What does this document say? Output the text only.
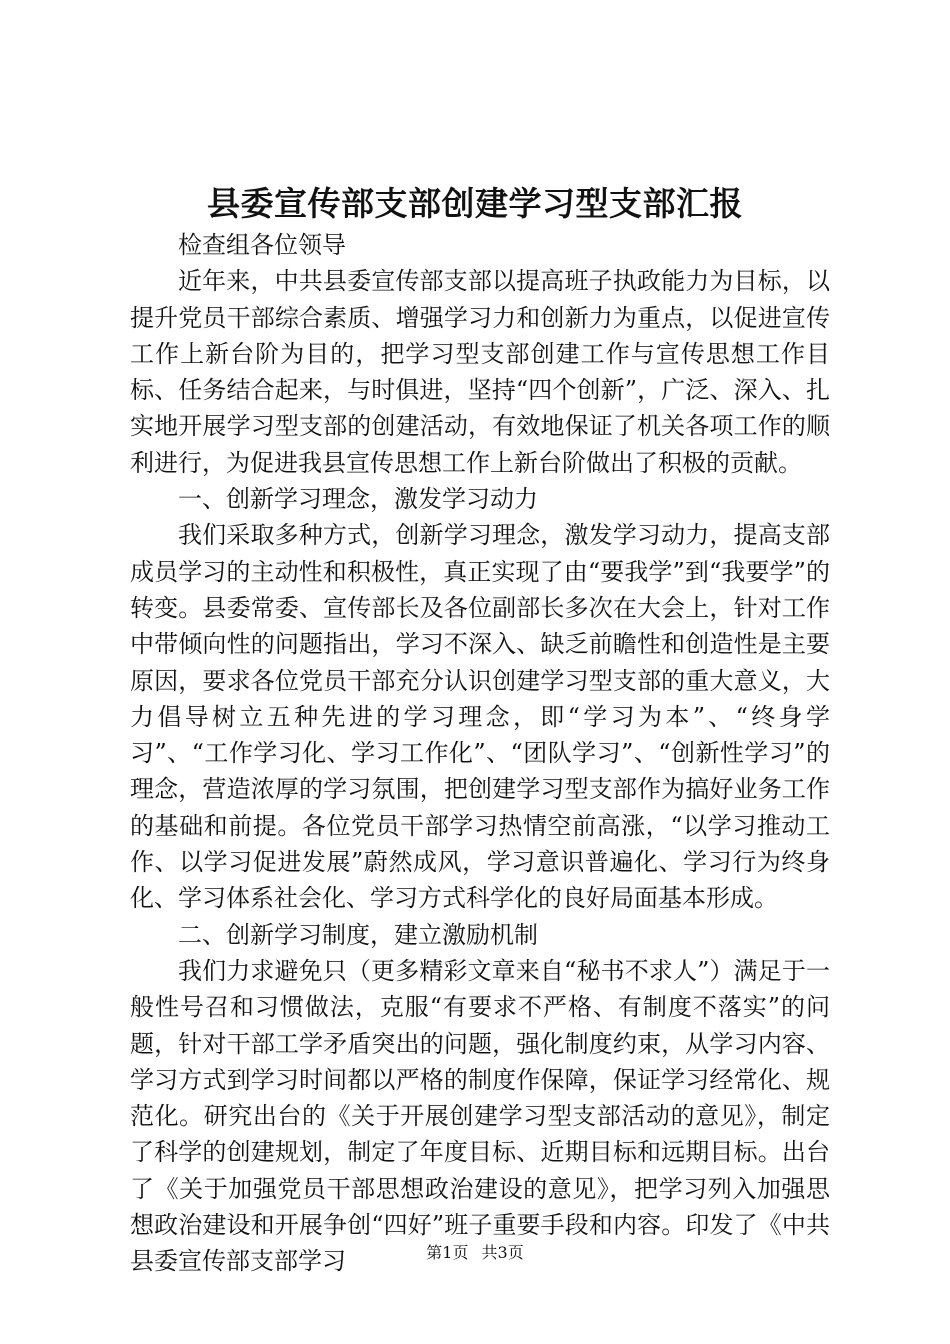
县委宣传部支部创建学习型支部汇报

检查组各位领导

近年来，中共县委宣传部支部以提高班子执政能力为目标，以提升党员干部综合素质、增强学习力和创新力为重点，以促进宣传工作上新台阶为目的，把学习型支部创建工作与宣传思想工作目标、任务结合起来，与时俱进，坚持“四个创新”，广泛、深入、扎实地开展学习型支部的创建活动，有效地保证了机关各项工作的顺利进行，为促进我县宣传思想工作上新台阶做出了积极的贡献。

一、创新学习理念，激发学习动力

我们采取多种方式，创新学习理念，激发学习动力，提高支部成员学习的主动性和积极性，真正实现了由“要我学”到“我要学”的转变。县委常委、宣传部长及各位副部长多次在大会上，针对工作中带倾向性的问题指出，学习不深入、缺乏前瞻性和创造性是主要原因，要求各位党员干部充分认识创建学习型支部的重大意义，大力倡导树立五种先进的学习理念，即“学习为本”、“终身学习”、“工作学习化、学习工作化”、“团队学习”、“创新性学习”的理念，营造浓厚的学习氛围，把创建学习型支部作为搞好业务工作的基础和前提。各位党员干部学习热情空前高涨，“以学习推动工作、以学习促进发展”蔚然成风，学习意识普遍化、学习行为终身化、学习体系社会化、学习方式科学化的良好局面基本形成。

二、创新学习制度，建立激励机制

我们力求避免只（更多精彩文章来自“秘书不求人”）满足于一般性号召和习惯做法，克服“有要求不严格、有制度不落实”的问题，针对干部工学矛盾突出的问题，强化制度约束，从学习内容、学习方式到学习时间都以严格的制度作保障，保证学习经常化、规范化。研究出台的《关于开展创建学习型支部活动的意见》，制定了科学的创建规划，制定了年度目标、近期目标和远期目标。出台了《关于加强党员干部思想政治建设的意见》，把学习列入加强思想政治建设和开展争创“四好”班子重要手段和内容。印发了《中共县委宣传部支部学习	第1页 共3页
